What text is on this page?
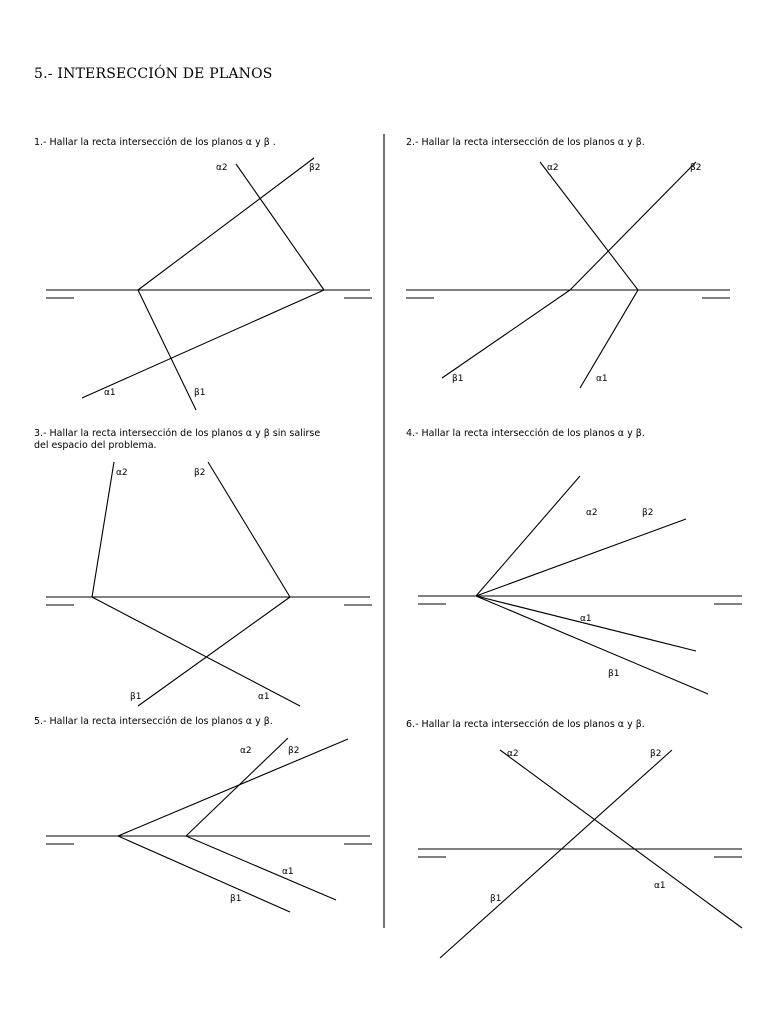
5.- INTERSECCIÓN DE PLANOS
1.- Hallar la recta intersección de los planos α y β .	2.- Hallar la recta intersección de los planos α y β.
3.- Hallar la recta intersección de los planos α y β sin salirse
del espacio del problema.
4.- Hallar la recta intersección de los planos α y β.
5.- Hallar la recta intersección de los planos α y β.	6.- Hallar la recta intersección de los planos α y β.
α2	β2
α1	β1
α2	β2
α1
β1
α2	β2
α1
β1
α2	β2
α1
β1
α2	β2
α1
β1
α2	β2
α1
β1
